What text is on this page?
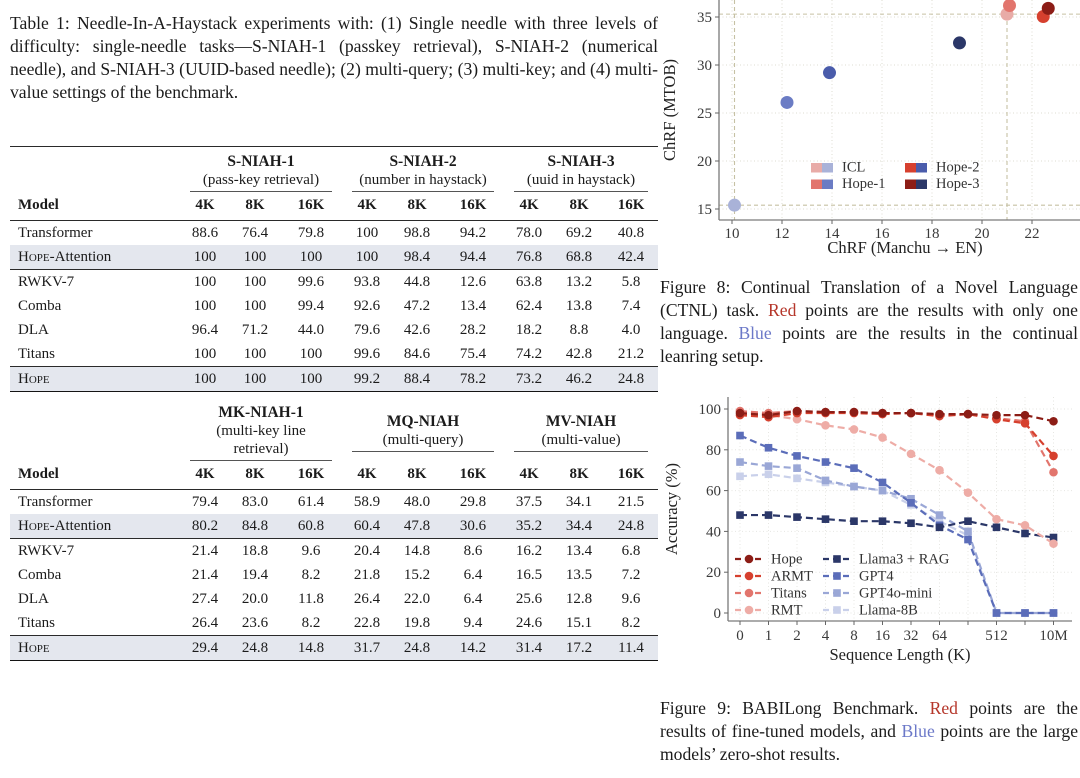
Table 1: Needle-In-A-Haystack experiments with: (1) Single needle with three levels of difficulty: single-needle tasks—S-NIAH-1 (passkey retrieval), S-NIAH-2 (numerical needle), and S-NIAH-3 (UUID-based needle); (2) multi-query; (3) multi-key; and (4) multi-value settings of the benchmark.

S-NIAH-1
(pass-key retrieval)

S-NIAH-2
(number in haystack)

S-NIAH-3
(uuid in haystack)

Model	4K	8K	16K	4K	8K	16K	4K	8K	16K
Transformer	88.6	76.4	79.8	100	98.8	94.2	78.0	69.2	40.8
Hope-Attention	100	100	100	100	98.4	94.4	76.8	68.8	42.4
RWKV-7	100	100	99.6	93.8	44.8	12.6	63.8	13.2	5.8
Comba	100	100	99.4	92.6	47.2	13.4	62.4	13.8	7.4
DLA	96.4	71.2	44.0	79.6	42.6	28.2	18.2	8.8	4.0
Titans	100	100	100	99.6	84.6	75.4	74.2	42.8	21.2
Hope	100	100	100	99.2	88.4	78.2	73.2	46.2	24.8

MK-NIAH-1
(multi-key line retrieval)

MQ-NIAH
(multi-query)

MV-NIAH
(multi-value)

Model	4K	8K	16K	4K	8K	16K	4K	8K	16K
Transformer	79.4	83.0	61.4	58.9	48.0	29.8	37.5	34.1	21.5
Hope-Attention	80.2	84.8	60.8	60.4	47.8	30.6	35.2	34.4	24.8
RWKV-7	21.4	18.8	9.6	20.4	14.8	8.6	16.2	13.4	6.8
Comba	21.4	19.4	8.2	21.8	15.2	6.4	16.5	13.5	7.2
DLA	27.4	20.0	11.8	26.4	22.0	6.4	25.6	12.8	9.6
Titans	26.4	23.6	8.2	22.8	19.8	9.4	24.6	15.1	8.2
Hope	29.4	24.8	14.8	31.7	24.8	14.2	31.4	17.2	11.4
10 12 14 16 18 20 22
15
20
25
30
35
ChRF (Manchu → EN)
ChRF (MTOB)
ICL
Hope-1
Hope-2
Hope-3
Figure 8: Continual Translation of a Novel Language (CTNL) task. Red points are the results with only one language. Blue points are the results in the continual leanring setup.
0 1 2 4 8 16 32 64	512 10M
0
20
40
60
80
100
Sequence Length (K)
Accuracy (%)
Hope
ARMT
Titans
RMT
Llama3 + RAG
GPT4
GPT4o-mini
Llama-8B
Figure 9: BABILong Benchmark. Red points are the results of fine-tuned models, and Blue points are the large models’ zero-shot results.
